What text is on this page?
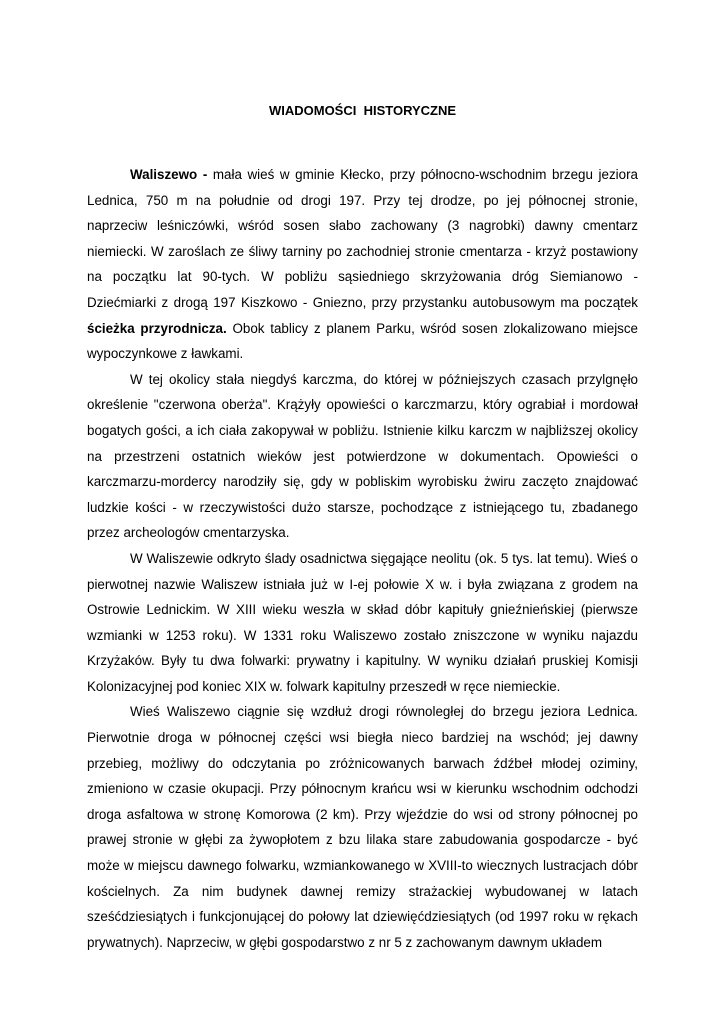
WIADOMOŚCI  HISTORYCZNE

Waliszewo - mała wieś w gminie Kłecko, przy północno-wschodnim brzegu jeziora Lednica, 750 m na południe od drogi 197. Przy tej drodze, po jej północnej stronie, naprzeciw leśniczówki, wśród sosen słabo zachowany (3 nagrobki) dawny cmentarz niemiecki. W zaroślach ze śliwy tarniny po zachodniej stronie cmentarza - krzyż postawiony na początku lat 90-tych. W pobliżu sąsiedniego skrzyżowania dróg Siemianowo - Dziećmiarki z drogą 197 Kiszkowo - Gniezno, przy przystanku autobusowym ma początek ścieżka przyrodnicza. Obok tablicy z planem Parku, wśród sosen zlokalizowano miejsce wypoczynkowe z ławkami.

W tej okolicy stała niegdyś karczma, do której w późniejszych czasach przylgnęło określenie "czerwona oberża". Krążyły opowieści o karczmarzu, który ograbiał i mordował bogatych gości, a ich ciała zakopywał w pobliżu. Istnienie kilku karczm w najbliższej okolicy na przestrzeni ostatnich wieków jest potwierdzone w dokumentach. Opowieści o karczmarzu-mordercy narodziły się, gdy w pobliskim wyrobisku żwiru zaczęto znajdować ludzkie kości - w rzeczywistości dużo starsze, pochodzące z istniejącego tu, zbadanego przez archeologów cmentarzyska.

W Waliszewie odkryto ślady osadnictwa sięgające neolitu (ok. 5 tys. lat temu). Wieś o pierwotnej nazwie Waliszew istniała już w I-ej połowie X w. i była związana z grodem na Ostrowie Lednickim. W XIII wieku weszła w skład dóbr kapituły gnieźnieńskiej (pierwsze wzmianki w 1253 roku). W 1331 roku Waliszewo zostało zniszczone w wyniku najazdu Krzyżaków. Były tu dwa folwarki: prywatny i kapitulny. W wyniku działań pruskiej Komisji Kolonizacyjnej pod koniec XIX w. folwark kapitulny przeszedł w ręce niemieckie.

Wieś Waliszewo ciągnie się wzdłuż drogi równoległej do brzegu jeziora Lednica. Pierwotnie droga w północnej części wsi biegła nieco bardziej na wschód; jej dawny przebieg, możliwy do odczytania po zróżnicowanych barwach źdźbeł młodej oziminy, zmieniono w czasie okupacji. Przy północnym krańcu wsi w kierunku wschodnim odchodzi droga asfaltowa w stronę Komorowa (2 km). Przy wjeździe do wsi od strony północnej po prawej stronie w głębi za żywopłotem z bzu lilaka stare zabudowania gospodarcze - być może w miejscu dawnego folwarku, wzmiankowanego w XVIII-to wiecznych lustracjach dóbr kościelnych. Za nim budynek dawnej remizy strażackiej wybudowanej w latach sześćdziesiątych i funkcjonującej do połowy lat dziewięćdziesiątych (od 1997 roku w rękach prywatnych). Naprzeciw, w głębi gospodarstwo z nr 5 z zachowanym dawnym układem
